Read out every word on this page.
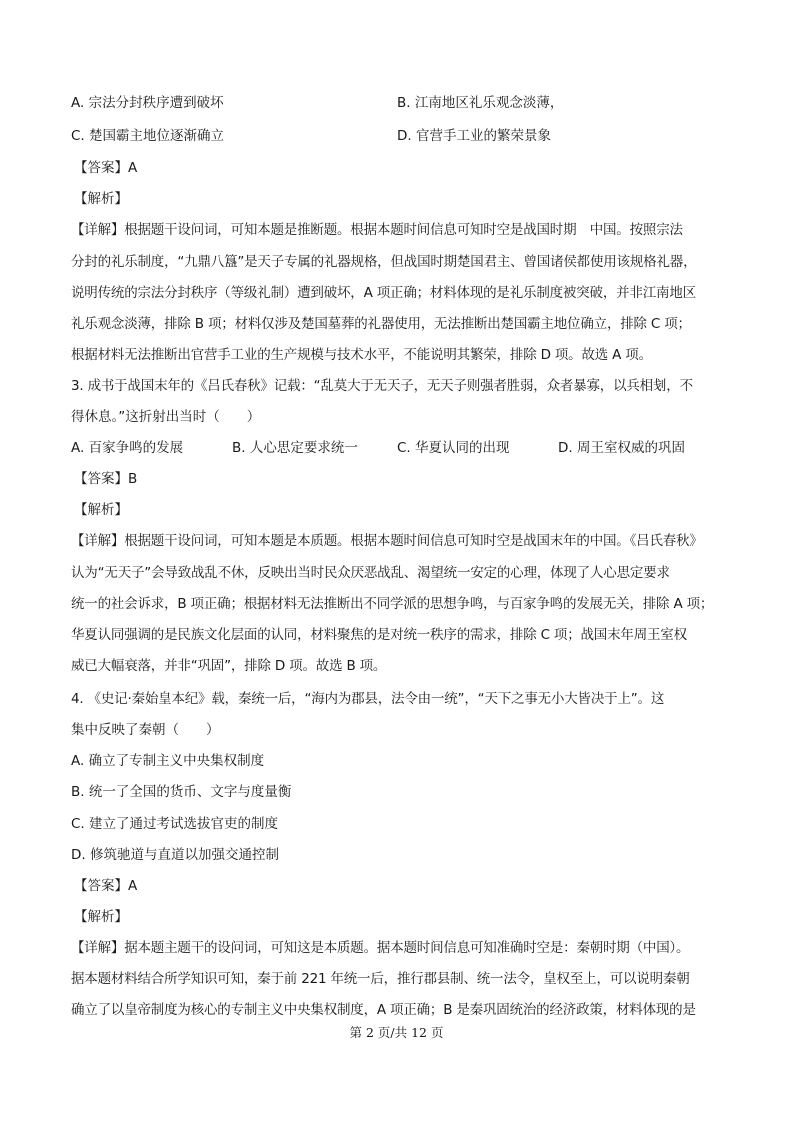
A. 宗法分封秩序遭到破坏	B. 江南地区礼乐观念淡薄，
C. 楚国霸主地位逐渐确立	D. 官营手工业的繁荣景象
【答案】A
【解析】
【详解】根据题干设问词，可知本题是推断题。根据本题时间信息可知时空是战国时期　中国。按照宗法
分封的礼乐制度，“九鼎八簋”是天子专属的礼器规格，但战国时期楚国君主、曾国诸侯都使用该规格礼器，
说明传统的宗法分封秩序（等级礼制）遭到破坏，A 项正确；材料体现的是礼乐制度被突破，并非江南地区
礼乐观念淡薄，排除 B 项；材料仅涉及楚国墓葬的礼器使用，无法推断出楚国霸主地位确立，排除 C 项；
根据材料无法推断出官营手工业的生产规模与技术水平，不能说明其繁荣，排除 D 项。故选 A 项。
3. 成书于战国末年的《吕氏春秋》记载：“乱莫大于无天子，无天子则强者胜弱，众者暴寡，以兵相刬，不
得休息。”这折射出当时（　　）
A. 百家争鸣的发展	B. 人心思定要求统一	C. 华夏认同的出现	D. 周王室权威的巩固
【答案】B
【解析】
【详解】根据题干设问词，可知本题是本质题。根据本题时间信息可知时空是战国末年的中国。《吕氏春秋》
认为“无天子”会导致战乱不休，反映出当时民众厌恶战乱、渴望统一安定的心理，体现了人心思定要求
统一的社会诉求，B 项正确；根据材料无法推断出不同学派的思想争鸣，与百家争鸣的发展无关，排除 A 项；
华夏认同强调的是民族文化层面的认同，材料聚焦的是对统一秩序的需求，排除 C 项；战国末年周王室权
威已大幅衰落，并非“巩固”，排除 D 项。故选 B 项。
4. 《史记·秦始皇本纪》载，秦统一后，“海内为郡县，法令由一统”，“天下之事无小大皆决于上”。这
集中反映了秦朝（　　）
A. 确立了专制主义中央集权制度
B. 统一了全国的货币、文字与度量衡
C. 建立了通过考试选拔官吏的制度
D. 修筑驰道与直道以加强交通控制
【答案】A
【解析】
【详解】据本题主题干的设问词，可知这是本质题。据本题时间信息可知准确时空是：秦朝时期（中国）。
据本题材料结合所学知识可知，秦于前 221 年统一后，推行郡县制、统一法令，皇权至上，可以说明秦朝
确立了以皇帝制度为核心的专制主义中央集权制度，A 项正确；B 是秦巩固统治的经济政策，材料体现的是
第 2 页/共 12 页
